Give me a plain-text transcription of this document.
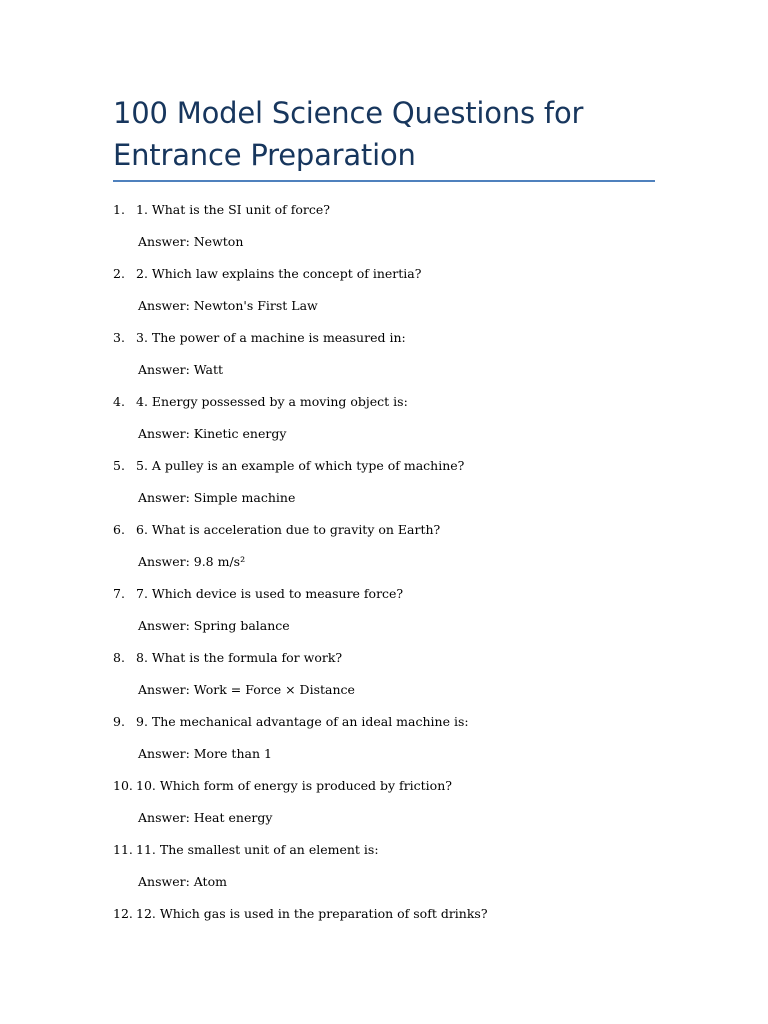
100 Model Science Questions for Entrance Preparation
1. 1. What is the SI unit of force?
Answer: Newton
2. 2. Which law explains the concept of inertia?
Answer: Newton's First Law
3. 3. The power of a machine is measured in:
Answer: Watt
4. 4. Energy possessed by a moving object is:
Answer: Kinetic energy
5. 5. A pulley is an example of which type of machine?
Answer: Simple machine
6. 6. What is acceleration due to gravity on Earth?
Answer: 9.8 m/s²
7. 7. Which device is used to measure force?
Answer: Spring balance
8. 8. What is the formula for work?
Answer: Work = Force × Distance
9. 9. The mechanical advantage of an ideal machine is:
Answer: More than 1
10. 10. Which form of energy is produced by friction?
Answer: Heat energy
11. 11. The smallest unit of an element is:
Answer: Atom
12. 12. Which gas is used in the preparation of soft drinks?
